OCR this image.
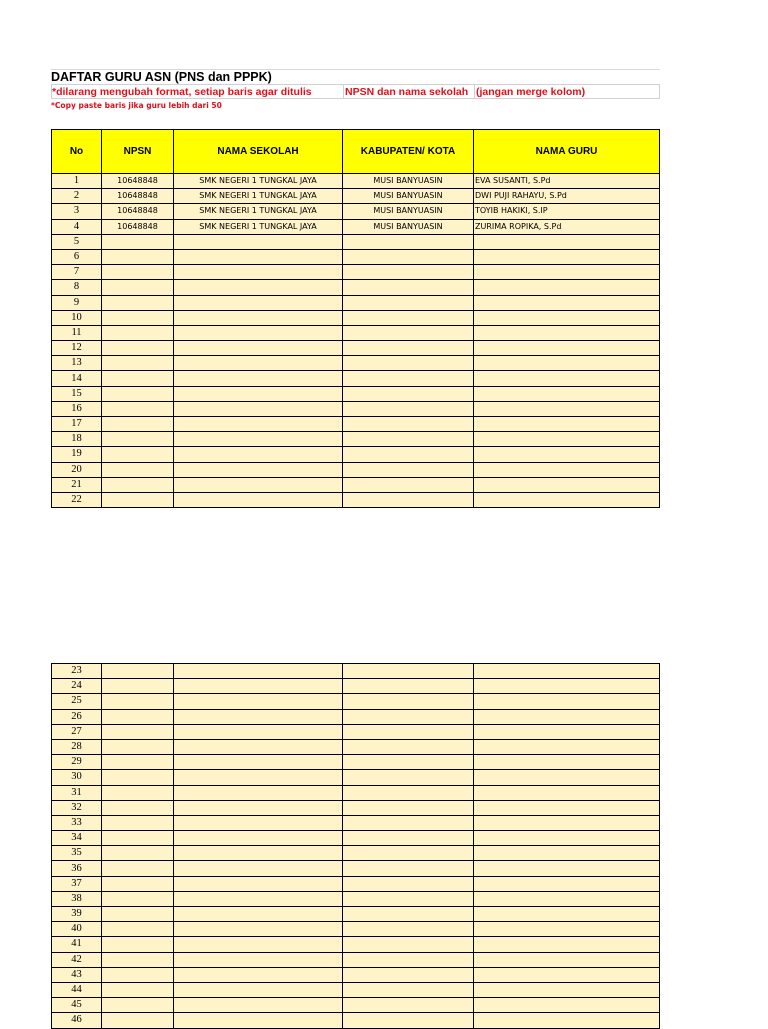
DAFTAR GURU ASN (PNS dan PPPK)
*dilarang mengubah format, setiap baris agar ditulis	NPSN dan nama sekolah (jangan merge kolom)
*Copy paste baris jika guru lebih dari 50
No	NPSN	NAMA SEKOLAH	KABUPATEN/ KOTA	NAMA GURU
1	10648848	SMK NEGERI 1 TUNGKAL JAYA	MUSI BANYUASIN	EVA SUSANTI, S.Pd
2	10648848	SMK NEGERI 1 TUNGKAL JAYA	MUSI BANYUASIN	DWI PUJI RAHAYU, S.Pd
3	10648848	SMK NEGERI 1 TUNGKAL JAYA	MUSI BANYUASIN	TOYIB HAKIKI, S.IP
4	10648848	SMK NEGERI 1 TUNGKAL JAYA	MUSI BANYUASIN	ZURIMA ROPIKA, S.Pd
5				
6				
7				
8				
9				
10				
11				
12				
13				
14				
15				
16				
17				
18				
19				
20				
21				
22				
23				
24				
25				
26				
27				
28				
29				
30				
31				
32				
33				
34				
35				
36				
37				
38				
39				
40				
41				
42				
43				
44				
45				
46				
